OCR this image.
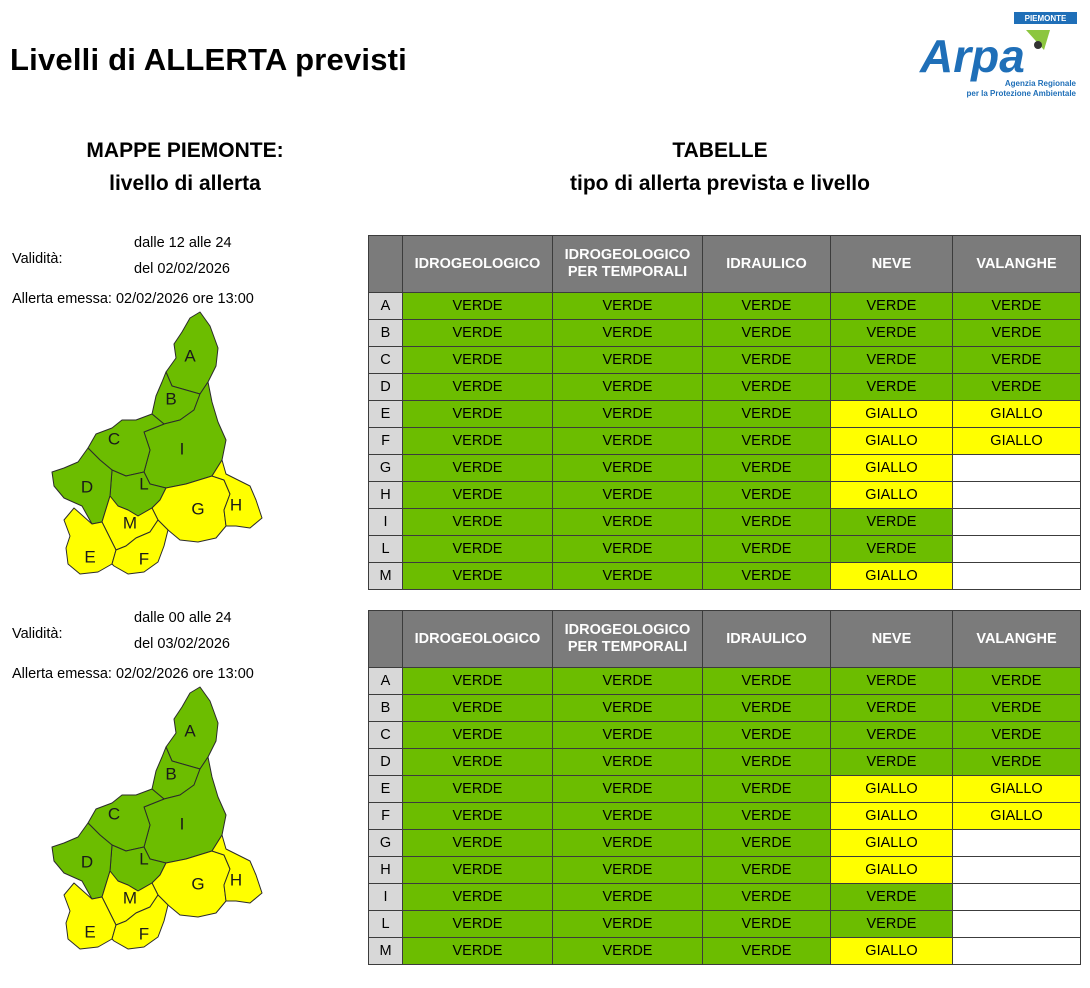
Livelli di ALLERTA previsti
PIEMONTE
Arpa
Agenzia Regionale
per la Protezione Ambientale
MAPPE PIEMONTE:
livello di allerta
TABELLE
tipo di allerta prevista e livello
Validità:
dalle 12 alle 24
del 02/02/2026
Allerta emessa: 02/02/2026 ore 13:00
A
B
I
C
L
D
G H
M
E	F
	IDROGEOLOGICO	IDROGEOLOGICO PER TEMPORALI	IDRAULICO	NEVE	VALANGHE
A	VERDE	VERDE	VERDE	VERDE	VERDE
B	VERDE	VERDE	VERDE	VERDE	VERDE
C	VERDE	VERDE	VERDE	VERDE	VERDE
D	VERDE	VERDE	VERDE	VERDE	VERDE
E	VERDE	VERDE	VERDE	GIALLO	GIALLO
F	VERDE	VERDE	VERDE	GIALLO	GIALLO
G	VERDE	VERDE	VERDE	GIALLO	
H	VERDE	VERDE	VERDE	GIALLO	
I	VERDE	VERDE	VERDE	VERDE	
L	VERDE	VERDE	VERDE	VERDE	
M	VERDE	VERDE	VERDE	GIALLO	
Validità:
dalle 00 alle 24
del 03/02/2026
Allerta emessa: 02/02/2026 ore 13:00
A
B
I
C
L
D
G H
M
E	F
	IDROGEOLOGICO	IDROGEOLOGICO PER TEMPORALI	IDRAULICO	NEVE	VALANGHE
A	VERDE	VERDE	VERDE	VERDE	VERDE
B	VERDE	VERDE	VERDE	VERDE	VERDE
C	VERDE	VERDE	VERDE	VERDE	VERDE
D	VERDE	VERDE	VERDE	VERDE	VERDE
E	VERDE	VERDE	VERDE	GIALLO	GIALLO
F	VERDE	VERDE	VERDE	GIALLO	GIALLO
G	VERDE	VERDE	VERDE	GIALLO	
H	VERDE	VERDE	VERDE	GIALLO	
I	VERDE	VERDE	VERDE	VERDE	
L	VERDE	VERDE	VERDE	VERDE	
M	VERDE	VERDE	VERDE	GIALLO	
